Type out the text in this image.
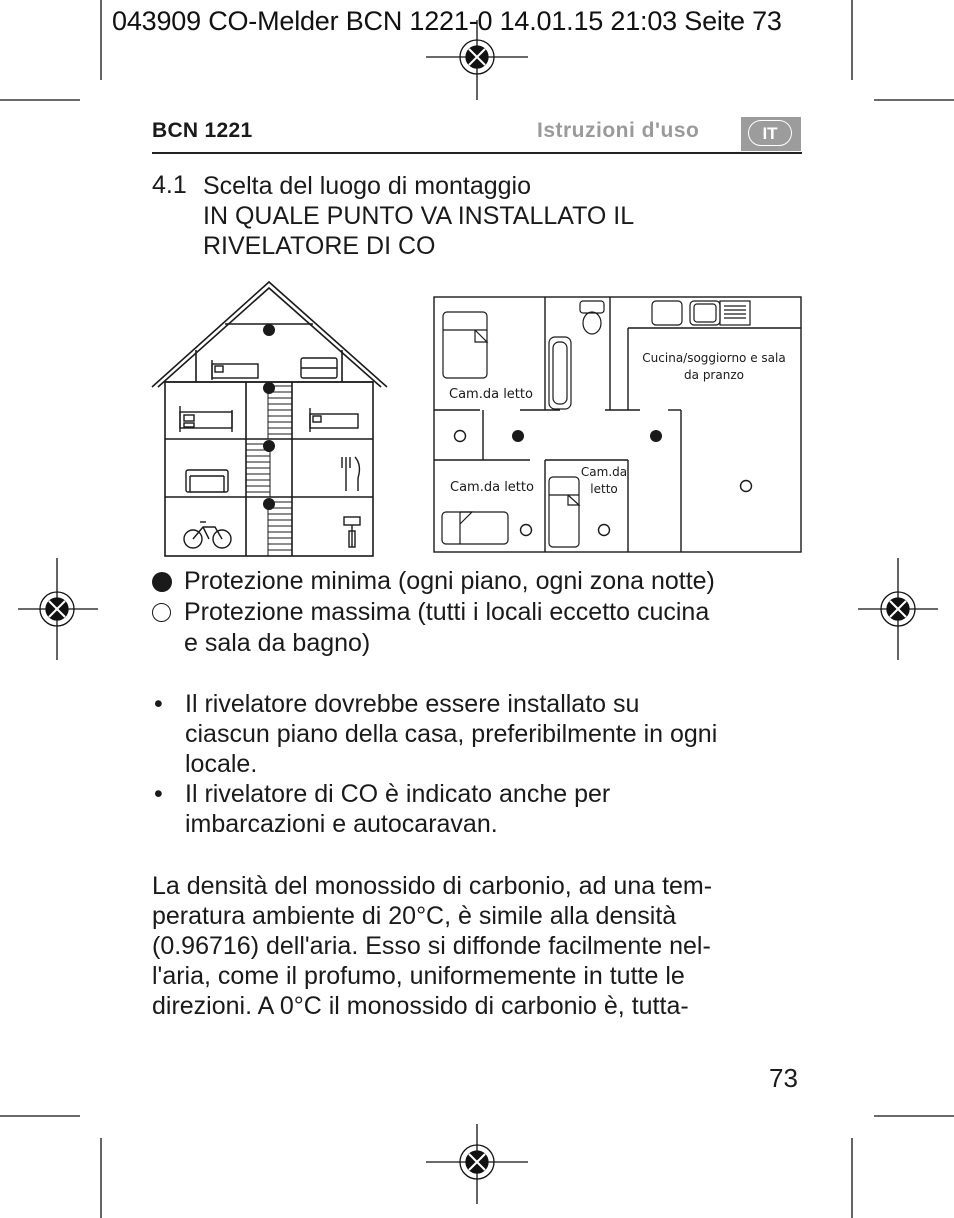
043909 CO-Melder BCN 1221-0 14.01.15 21:03 Seite 73
BCN 1221	Istruzioni d'uso	IT
4.1 Scelta del luogo di montaggio
IN QUALE PUNTO VA INSTALLATO IL
RIVELATORE DI CO
Cam.da letto
Cucina/soggiorno e sala
da pranzo
Cam.da letto
Cam.da
letto
Protezione minima (ogni piano, ogni zona notte)
Protezione massima (tutti i locali eccetto cucina
e sala da bagno)
• Il rivelatore dovrebbe essere installato su
ciascun piano della casa, preferibilmente in ogni
locale.
• Il rivelatore di CO è indicato anche per
imbarcazioni e autocaravan.
La densità del monossido di carbonio, ad una tem-
peratura ambiente di 20°C, è simile alla densità
(0.96716) dell'aria. Esso si diffonde facilmente nel-
l'aria, come il profumo, uniformemente in tutte le
direzioni. A 0°C il monossido di carbonio è, tutta-
73
